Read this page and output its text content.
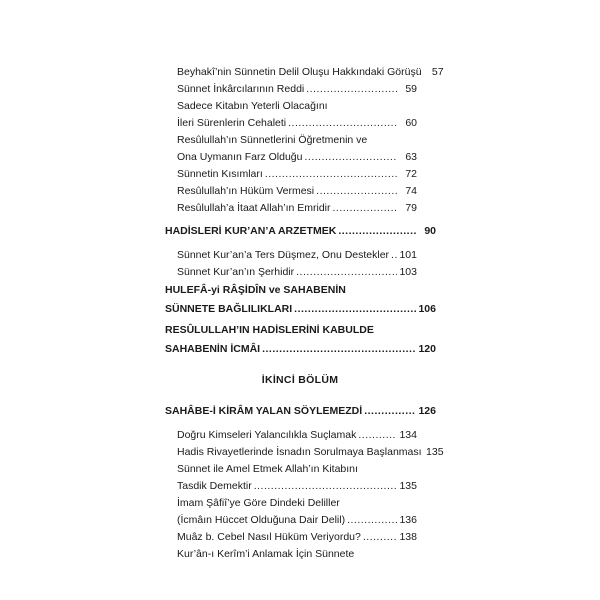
Beyhakî’nin Sünnetin Delil Oluşu Hakkındaki Görüşü 57
Sünnet İnkârcılarının Reddi .....	59
Sadece Kitabın Yeterli Olacağını
İleri Sürenlerin Cehaleti .....	60
Resûlullah’ın Sünnetlerini Öğretmenin ve
Ona Uymanın Farz Olduğu .....	63
Sünnetin Kısımları .....	72
Resûlullah’ın Hüküm Vermesi .....	74
Resûlullah’a İtaat Allah’ın Emridir .....	79
HADİSLERİ KUR’AN’A ARZETMEK .....	90
Sünnet Kur’an’a Ters Düşmez, Onu Destekler ..... 101
Sünnet Kur’an’ın Şerhidir .....	103
HULEFÂ-yi RÂŞİDÎN ve SAHABENİN
SÜNNETE BAĞLILIKLARI .....	106
RESÛLULLAH’IN HADİSLERİNİ KABULDE
SAHABENİN İCMÂI .....	120
İKİNCİ BÖLÜM
SAHÂBE-İ KİRÂM YALAN SÖYLEMEZDİ .....	126
Doğru Kimseleri Yalancılıkla Suçlamak .....	134
Hadis Rivayetlerinde İsnadın Sorulmaya Başlanması 135
Sünnet ile Amel Etmek Allah’ın Kitabını
Tasdik Demektir .....	135
İmam Şâfiî’ye Göre Dindeki Deliller
(İcmâın Hüccet Olduğuna Dair Delil) .....	136
Muâz b. Cebel Nasıl Hüküm Veriyordu? .....	138
Kur’ân-ı Kerîm’i Anlamak İçin Sünnete
